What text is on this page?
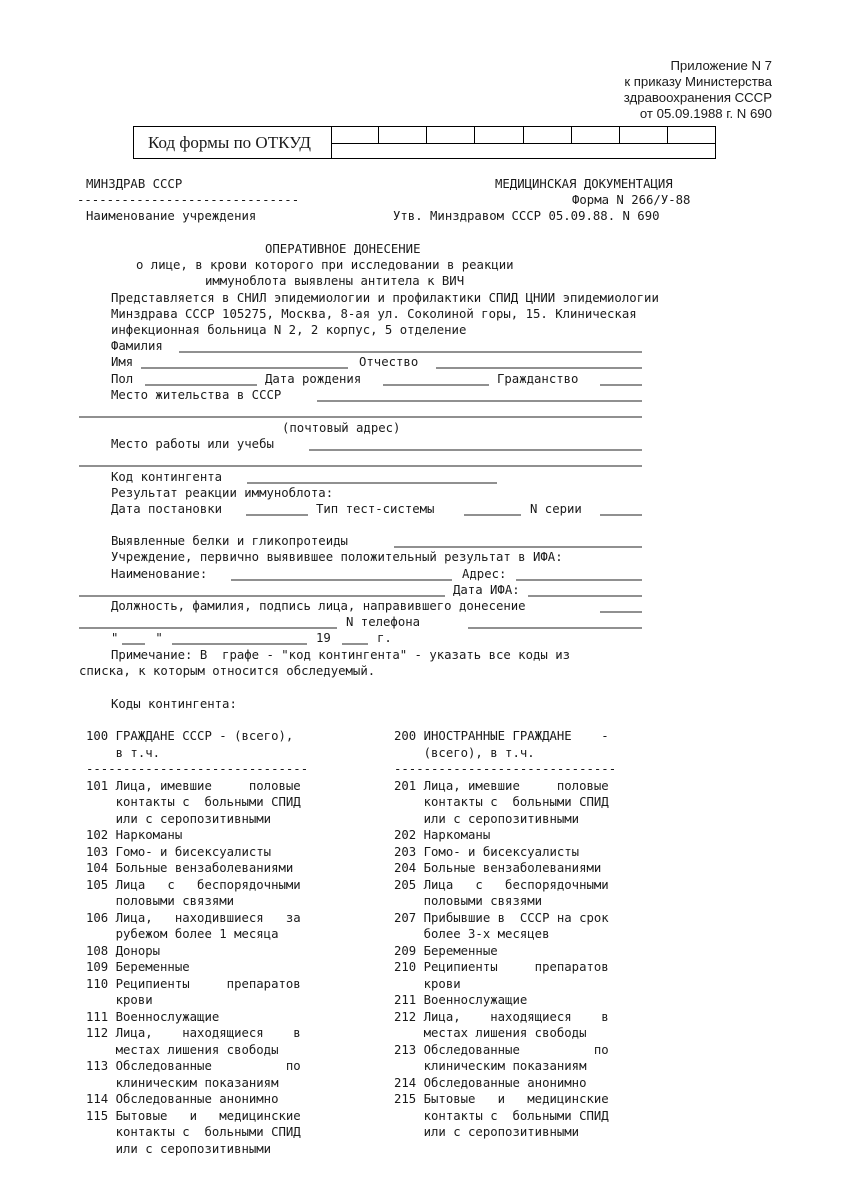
Приложение N 7
к приказу Министерства
здравоохранения СССР
от 05.09.1988 г. N 690
Код формы по ОТКУД
МИНЗДРАВ СССР	МЕДИЦИНСКАЯ ДОКУМЕНТАЦИЯ
------------------------------	Форма N 266/У-88
Наименование учреждения	Утв. Минздравом СССР 05.09.88. N 690
ОПЕРАТИВНОЕ ДОНЕСЕНИЕ
о лице, в крови которого при исследовании в реакции
иммуноблота выявлены антитела к ВИЧ
Представляется в СНИЛ эпидемиологии и профилактики СПИД ЦНИИ эпидемиологии
Минздрава СССР 105275, Москва, 8-ая ул. Соколиной горы, 15. Клиническая
инфекционная больница N 2, 2 корпус, 5 отделение
Фамилия
Имя	Отчество
Пол	Дата рождения	Гражданство
Место жительства в СССР
(почтовый адрес)
Место работы или учебы
Код контингента
Результат реакции иммуноблота:
Дата постановки	Тип тест-системы	N серии
Выявленные белки и гликопротеиды
Учреждение, первично выявившее положительный результат в ИФА:
Наименование:	Адрес:
Дата ИФА:
Должность, фамилия, подпись лица, направившего донесение
N телефона
"     "	19	г.
Примечание: В  графе - "код контингента" - указать все коды из
списка, к которым относится обследуемый.
Коды контингента:
100 ГРАЖДАНЕ СССР - (всего),
в т.ч.
------------------------------
101 Лица, имевшие     половые
контакты с  больными СПИД
или с серопозитивными
102 Наркоманы
103 Гомо- и бисексуалисты
104 Больные вензаболеваниями
105 Лица   с   беспорядочными
половыми связями
106 Лица,   находившиеся   за
рубежом более 1 месяца
108 Доноры
109 Беременные
110 Реципиенты     препаратов
крови
111 Военнослужащие
112 Лица,    находящиеся    в
местах лишения свободы
113 Обследованные          по
клиническим показаниям
114 Обследованные анонимно
115 Бытовые   и   медицинские
контакты с  больными СПИД
или с серопозитивными
200 ИНОСТРАННЫЕ ГРАЖДАНЕ    -
(всего), в т.ч.
------------------------------
201 Лица, имевшие     половые
контакты с  больными СПИД
или с серопозитивными
202 Наркоманы
203 Гомо- и бисексуалисты
204 Больные вензаболеваниями
205 Лица   с   беспорядочными
половыми связями
207 Прибывшие в  СССР на срок
более 3-х месяцев
209 Беременные
210 Реципиенты     препаратов
крови
211 Военнослужащие
212 Лица,    находящиеся    в
местах лишения свободы
213 Обследованные          по
клиническим показаниям
214 Обследованные анонимно
215 Бытовые   и   медицинские
контакты с  больными СПИД
или с серопозитивными
